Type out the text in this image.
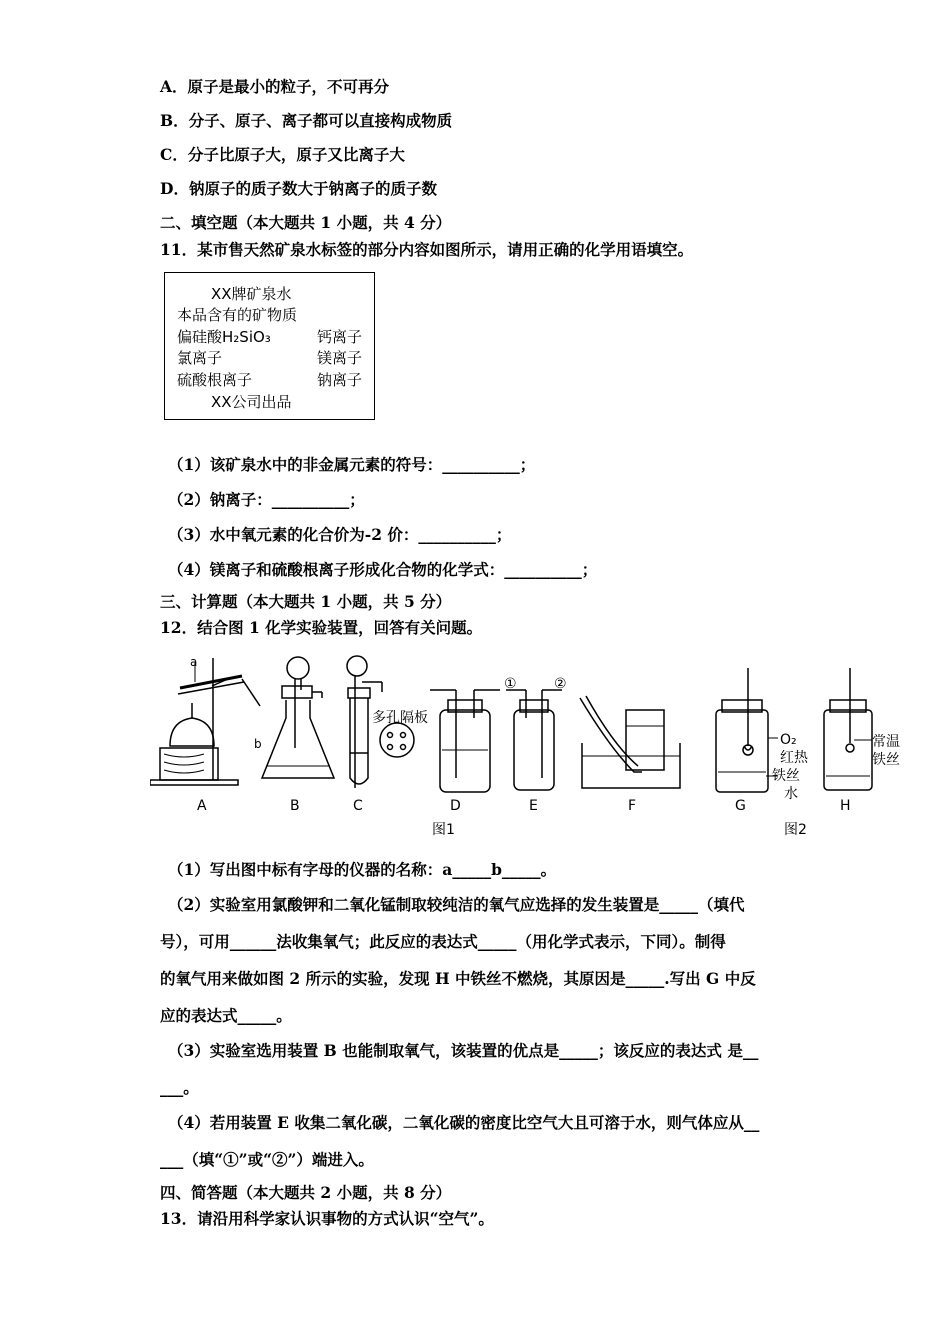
A．原子是最小的粒子，不可再分
B．分子、原子、离子都可以直接构成物质
C．分子比原子大，原子又比离子大
D．钠原子的质子数大于钠离子的质子数
二、填空题（本大题共 1 小题，共 4 分）
11．某市售天然矿泉水标签的部分内容如图所示，请用正确的化学用语填空。
XX牌矿泉水
本品含有的矿物质
偏硅酸H₂SiO₃	钙离子
氯离子	镁离子
硫酸根离子	钠离子
XX公司出品
（1）该矿泉水中的非金属元素的符号：__________；
（2）钠离子：__________；
（3）水中氧元素的化合价为-2 价：__________；
（4）镁离子和硫酸根离子形成化合物的化学式：__________；
三、计算题（本大题共 1 小题，共 5 分）
12．结合图 1 化学实验装置，回答有关问题。
a
b
多孔隔板
①	②
O₂
红热
铁丝
水
常温
铁丝
A	B	C	D	E	F	G	H
图1	图2
（1）写出图中标有字母的仪器的名称：a_____b_____。
（2）实验室用氯酸钾和二氧化锰制取较纯洁的氧气应选择的发生装置是_____（填代
号），可用______法收集氧气；此反应的表达式_____（用化学式表示，下同）。制得
的氧气用来做如图 2 所示的实验，发现 H 中铁丝不燃烧，其原因是_____.写出 G 中反
应的表达式_____。
（3）实验室选用装置 B 也能制取氧气，该装置的优点是_____；该反应的表达式 是__
___。
（4）若用装置 E 收集二氧化碳，二氧化碳的密度比空气大且可溶于水，则气体应从__
___（填“①”或“②”）端进入。
四、简答题（本大题共 2 小题，共 8 分）
13．请沿用科学家认识事物的方式认识“空气”。
